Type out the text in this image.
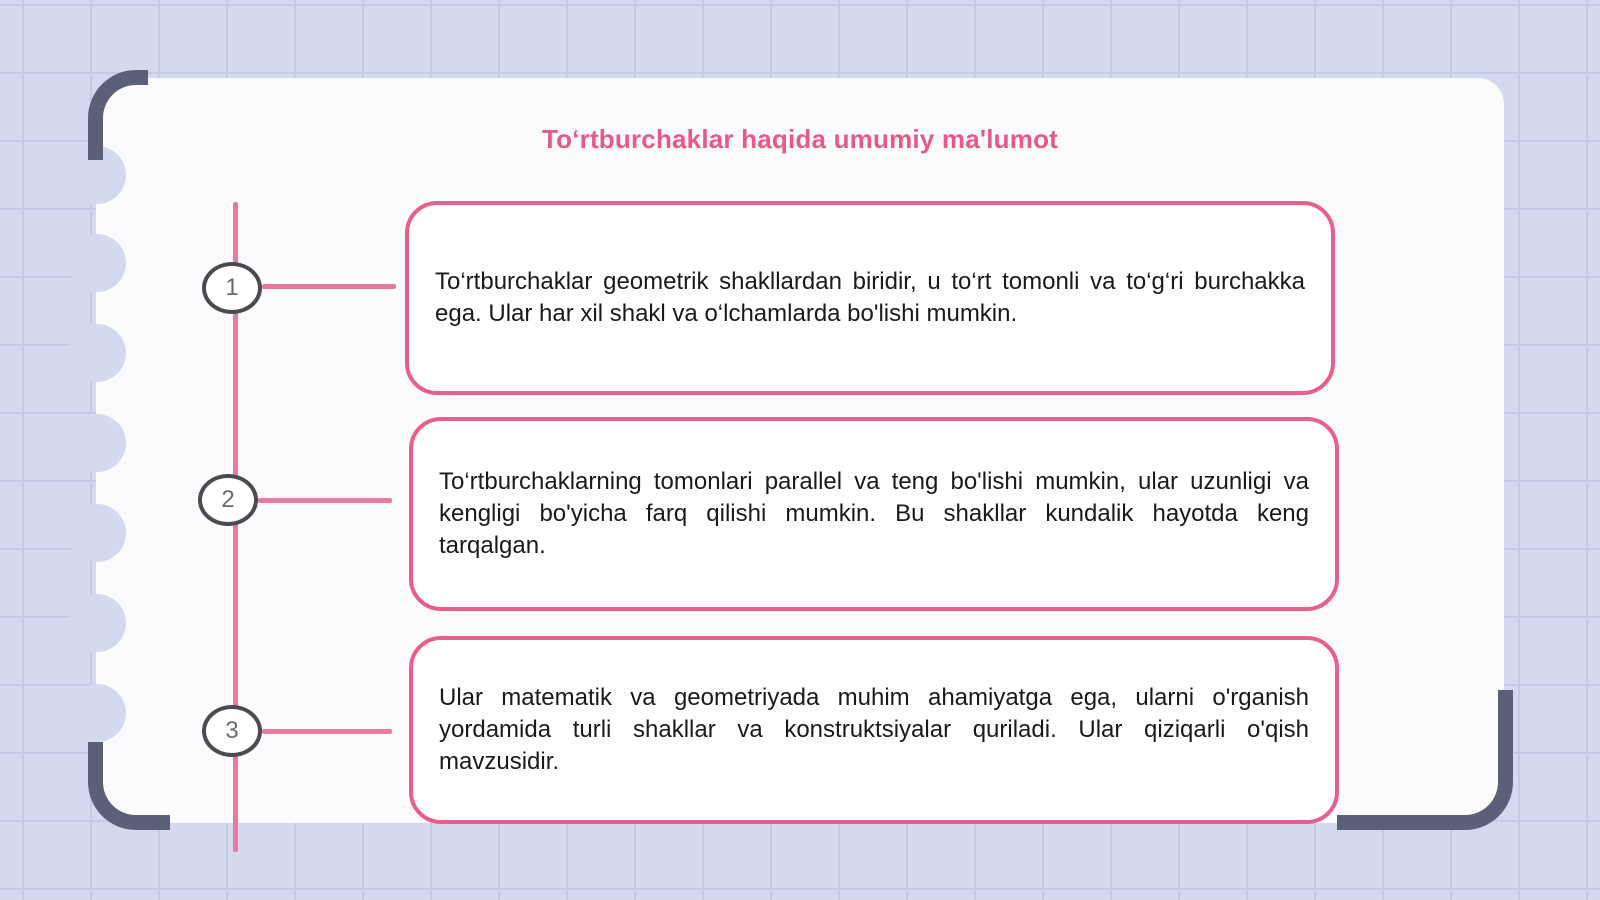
Toʻrtburchaklar haqida umumiy ma'lumot
1
2
3

To‘rtburchaklar geometrik shakllardan biridir, u to‘rt tomonli va to‘g‘ri burchakka ega. Ular har xil shakl va o‘lchamlarda bo'lishi mumkin.

To‘rtburchaklarning tomonlari parallel va teng bo'lishi mumkin, ular uzunligi va kengligi bo'yicha farq qilishi mumkin. Bu shakllar kundalik hayotda keng tarqalgan.

Ular matematik va geometriyada muhim ahamiyatga ega, ularni o'rganish yordamida turli shakllar va konstruktsiyalar quriladi. Ular qiziqarli o'qish mavzusidir.
